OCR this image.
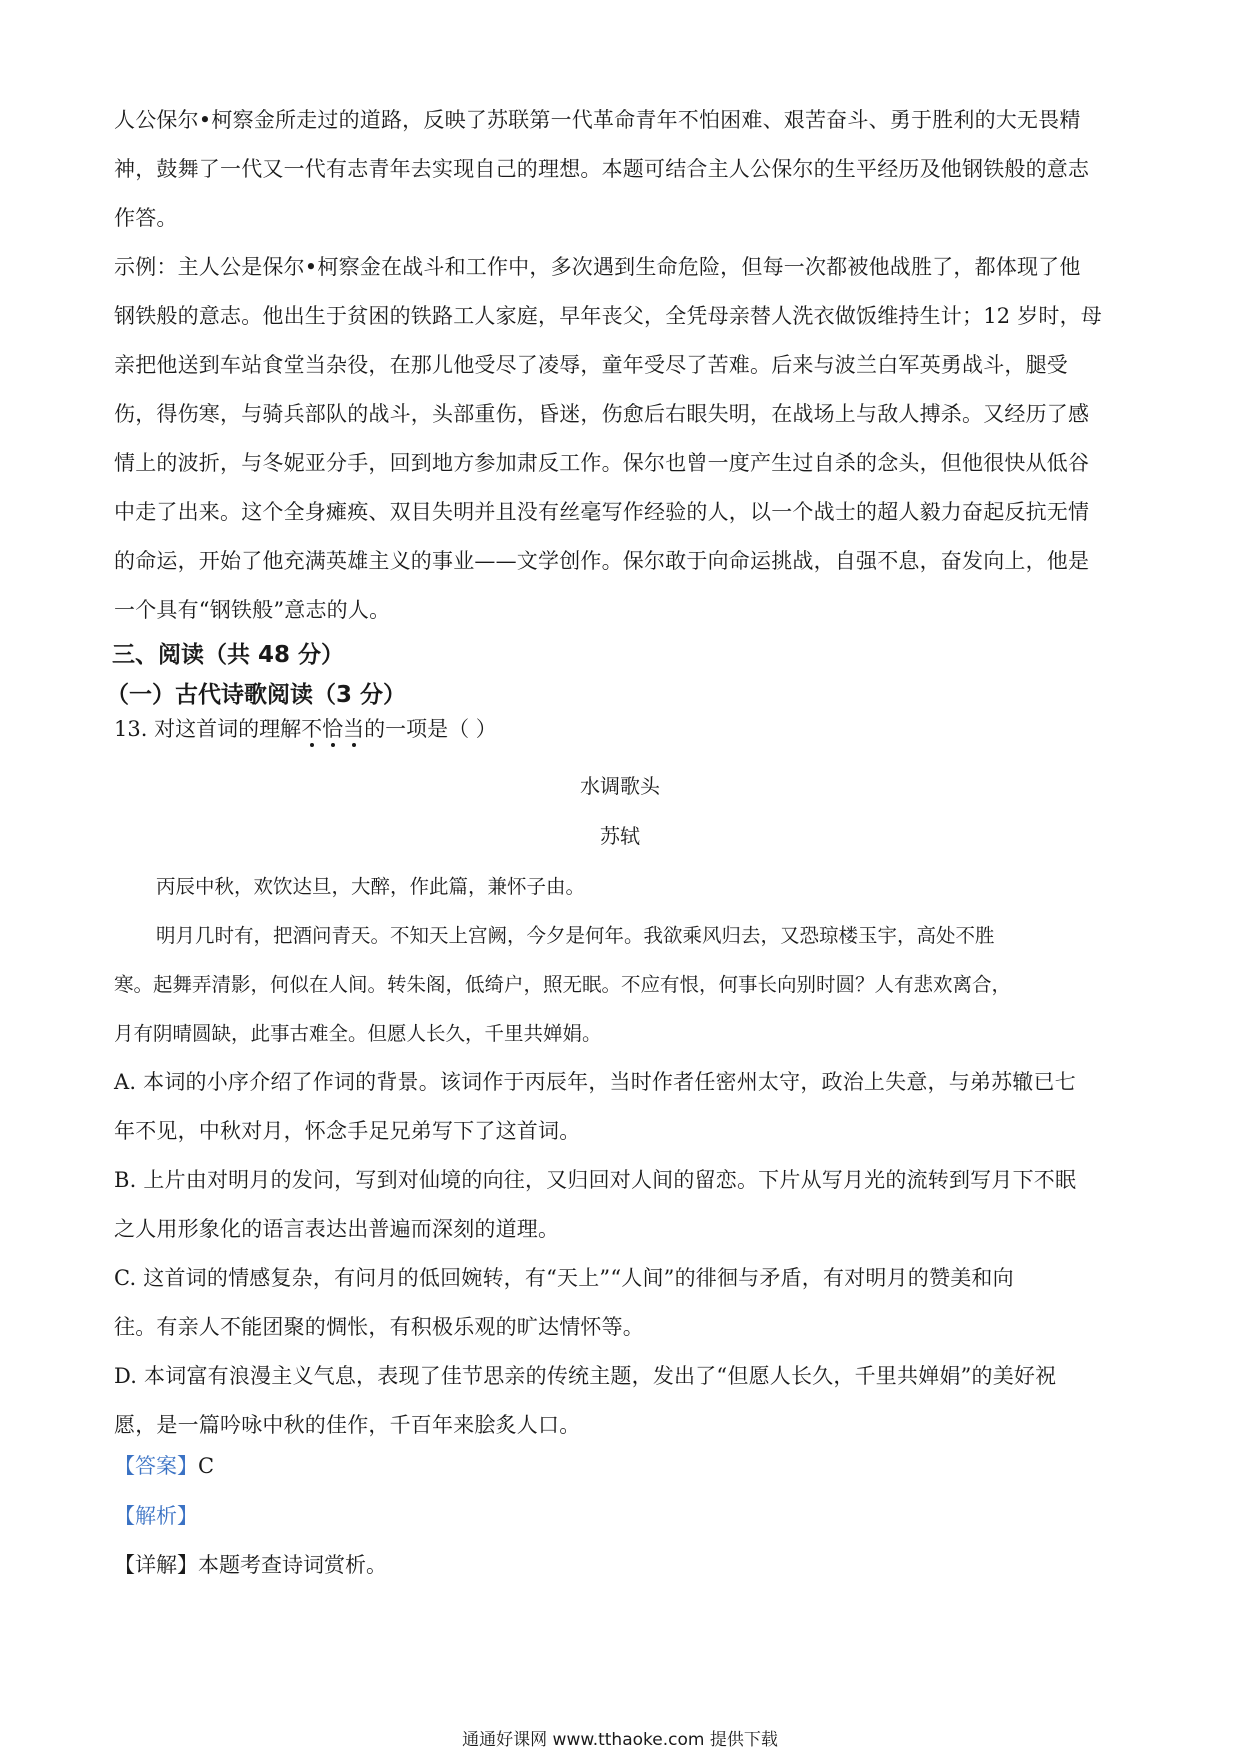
人公保尔•柯察金所走过的道路，反映了苏联第一代革命青年不怕困难、艰苦奋斗、勇于胜利的大无畏精
神，鼓舞了一代又一代有志青年去实现自己的理想。本题可结合主人公保尔的生平经历及他钢铁般的意志
作答。
示例：主人公是保尔•柯察金在战斗和工作中，多次遇到生命危险，但每一次都被他战胜了，都体现了他
钢铁般的意志。他出生于贫困的铁路工人家庭，早年丧父，全凭母亲替人洗衣做饭维持生计；12 岁时，母
亲把他送到车站食堂当杂役，在那儿他受尽了凌辱，童年受尽了苦难。后来与波兰白军英勇战斗，腿受
伤，得伤寒，与骑兵部队的战斗，头部重伤，昏迷，伤愈后右眼失明，在战场上与敌人搏杀。又经历了感
情上的波折，与冬妮亚分手，回到地方参加肃反工作。保尔也曾一度产生过自杀的念头，但他很快从低谷
中走了出来。这个全身瘫痪、双目失明并且没有丝毫写作经验的人，以一个战士的超人毅力奋起反抗无情
的命运，开始了他充满英雄主义的事业——文学创作。保尔敢于向命运挑战，自强不息，奋发向上，他是
一个具有“钢铁般”意志的人。
三、阅读（共 48 分）
（一）古代诗歌阅读（3 分）
13. 对这首词的理解不恰当的一项是（ ）
水调歌头
苏轼
丙辰中秋，欢饮达旦，大醉，作此篇，兼怀子由。
明月几时有，把酒问青天。不知天上宫阙，今夕是何年。我欲乘风归去，又恐琼楼玉宇，高处不胜
寒。起舞弄清影，何似在人间。转朱阁，低绮户，照无眠。不应有恨，何事长向别时圆？人有悲欢离合，
月有阴晴圆缺，此事古难全。但愿人长久，千里共婵娟。
A. 本词的小序介绍了作词的背景。该词作于丙辰年，当时作者任密州太守，政治上失意，与弟苏辙已七
年不见，中秋对月，怀念手足兄弟写下了这首词。
B. 上片由对明月的发问，写到对仙境的向往，又归回对人间的留恋。下片从写月光的流转到写月下不眠
之人用形象化的语言表达出普遍而深刻的道理。
C. 这首词的情感复杂，有问月的低回婉转，有“天上”“人间”的徘徊与矛盾，有对明月的赞美和向
往。有亲人不能团聚的惆怅，有积极乐观的旷达情怀等。
D. 本词富有浪漫主义气息，表现了佳节思亲的传统主题，发出了“但愿人长久，千里共婵娟”的美好祝
愿，是一篇吟咏中秋的佳作，千百年来脍炙人口。
【答案】C
【解析】
【详解】本题考查诗词赏析。
通通好课网 www.tthaoke.com 提供下载
